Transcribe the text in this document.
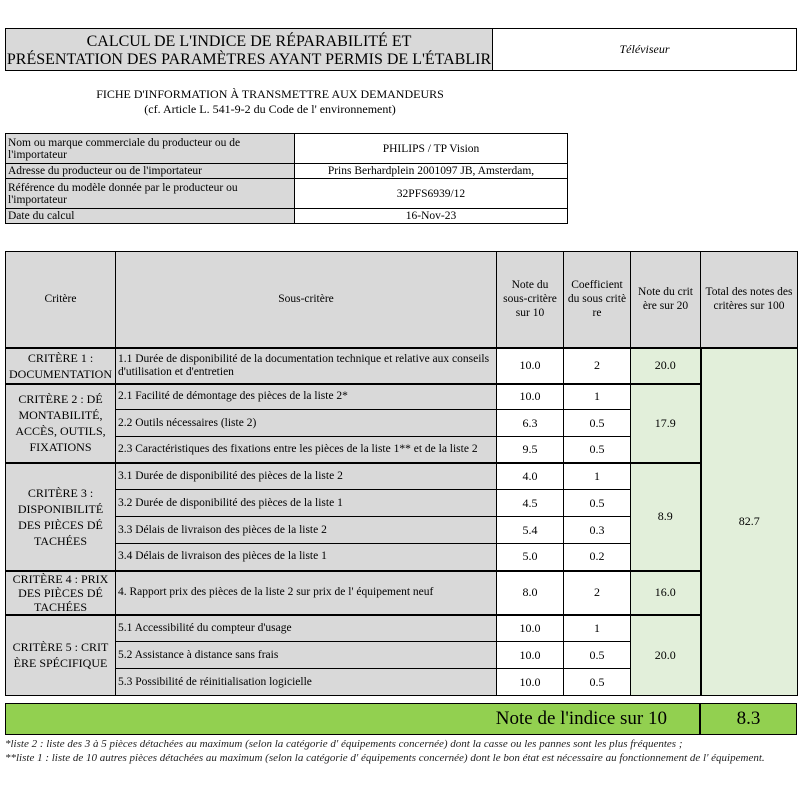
CALCUL DE L'INDICE DE RÉPARABILITÉ ET
PRÉSENTATION DES PARAMÈTRES AYANT PERMIS DE L'ÉTABLIR
Téléviseur
FICHE D'INFORMATION À TRANSMETTRE AUX DEMANDEURS
(cf. Article L. 541-9-2 du Code de l' environnement)
Nom ou marque commerciale du producteur ou de l'importateur	PHILIPS / TP Vision
Adresse du producteur ou de l'importateur	Prins Berhardplein 2001097 JB, Amsterdam,
Référence du modèle donnée par le producteur ou l'importateur	32PFS6939/12
Date du calcul	16-Nov-23
Critère	Sous-critère	Note du sous-critère sur 10	Coefficient du sous critè re	Note du crit ère sur 20	Total des notes des critères sur 100
CRITÈRE 1 : DOCUMENTATION	1.1 Durée de disponibilité de la documentation technique et relative aux conseils d'utilisation et d'entretien	10.0	2	20.0	82.7
CRITÈRE 2 : DÉ MONTABILITÉ, ACCÈS, OUTILS, FIXATIONS	2.1 Facilité de démontage des pièces de la liste 2*	10.0	1	17.9	
	2.2 Outils nécessaires (liste 2)	6.3	0.5		
	2.3 Caractéristiques des fixations entre les pièces de la liste 1** et de la liste 2	9.5	0.5		
CRITÈRE 3 : DISPONIBILITÉ DES PIÈCES DÉ TACHÉES	3.1 Durée de disponibilité des pièces de la liste 2	4.0	1	8.9	
	3.2 Durée de disponibilité des pièces de la liste 1	4.5	0.5		
	3.3 Délais de livraison des pièces de la liste 2	5.4	0.3		
	3.4 Délais de livraison des pièces de la liste 1	5.0	0.2		
CRITÈRE 4 : PRIX DES PIÈCES DÉ TACHÉES	4. Rapport prix des pièces de la liste 2 sur prix de l' équipement neuf	8.0	2	16.0	
CRITÈRE 5 : CRIT ÈRE SPÉCIFIQUE	5.1 Accessibilité du compteur d'usage	10.0	1	20.0	
	5.2 Assistance à distance sans frais	10.0	0.5		
	5.3 Possibilité de réinitialisation logicielle	10.0	0.5		
Note de l'indice sur 10	8.3
*liste 2 : liste des 3 à 5 pièces détachées au maximum (selon la catégorie d' équipements concernée) dont la casse ou les pannes sont les plus fréquentes ;
**liste 1 : liste de 10 autres pièces détachées au maximum (selon la catégorie d' équipements concernée) dont le bon état est nécessaire au fonctionnement de l' équipement.
